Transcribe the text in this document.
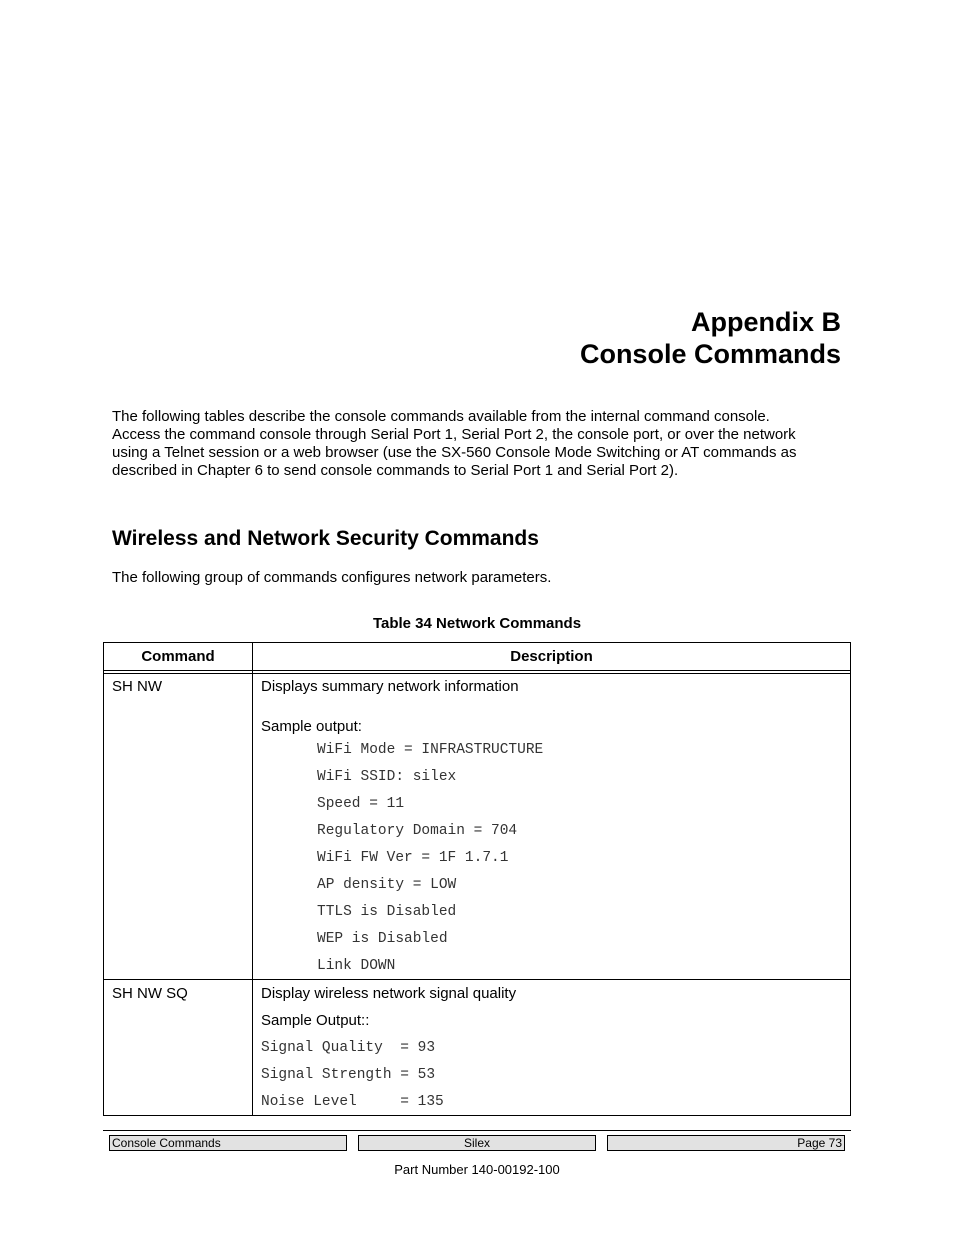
Appendix B
Console Commands
The following tables describe the console commands available from the internal command console.
Access the command console through Serial Port 1, Serial Port 2, the console port, or over the network
using a Telnet session or a web browser (use the SX-560 Console Mode Switching or AT commands as
described in Chapter 6 to send console commands to Serial Port 1 and Serial Port 2).
Wireless and Network Security Commands
The following group of commands configures network parameters.
Table 34 Network Commands
Command	Description
SH NW	Displays summary network information
Sample output:
WiFi Mode = INFRASTRUCTURE
WiFi SSID: silex
Speed = 11
Regulatory Domain = 704
WiFi FW Ver = 1F 1.7.1
AP density = LOW
TTLS is Disabled
WEP is Disabled
Link DOWN
SH NW SQ	Display wireless network signal quality
Sample Output::
Signal Quality  = 93
Signal Strength = 53
Noise Level     = 135
Console Commands	Silex	Page 73
Part Number 140-00192-100
